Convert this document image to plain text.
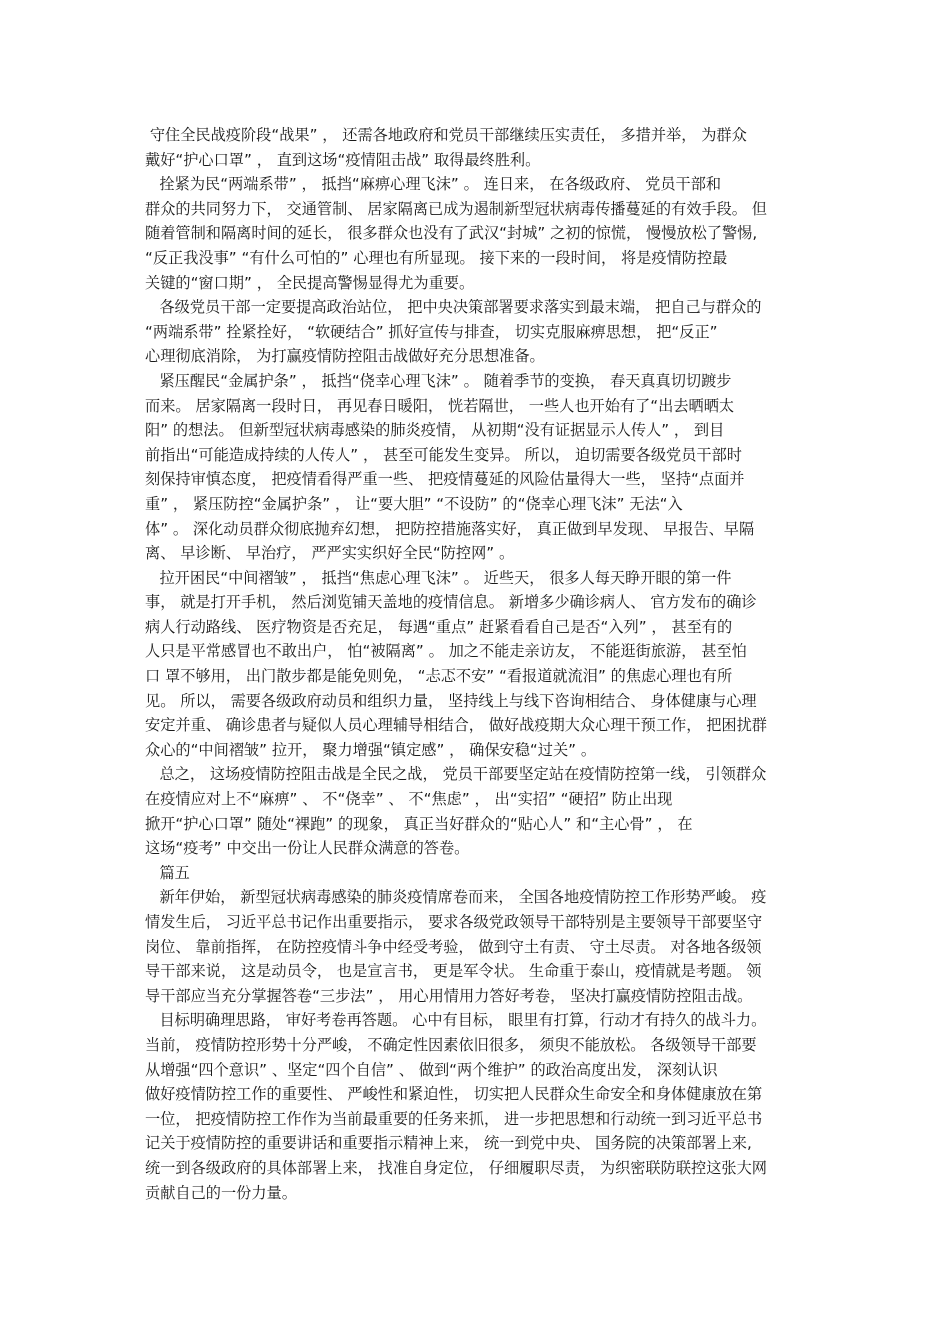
守住全民战疫阶段“战果” ， 还需各地政府和党员干部继续压实责任， 多措并举， 为群众
戴好“护心口罩” ， 直到这场“疫情阻击战” 取得最终胜利。
拴紧为民“两端系带” ， 抵挡“麻痹心理飞沫” 。 连日来， 在各级政府、 党员干部和
群众的共同努力下， 交通管制、 居家隔离已成为遏制新型冠状病毒传播蔓延的有效手段。 但
随着管制和隔离时间的延长， 很多群众也没有了武汉“封城” 之初的惊慌， 慢慢放松了警惕,
“反正我没事” “有什么可怕的” 心理也有所显现。 接下来的一段时间， 将是疫情防控最
关键的“窗口期” ， 全民提高警惕显得尤为重要。
各级党员干部一定要提高政治站位， 把中央决策部署要求落实到最末端， 把自己与群众的
“两端系带” 拴紧拴好， “软硬结合” 抓好宣传与排查， 切实克服麻痹思想， 把“反正”
心理彻底消除， 为打赢疫情防控阻击战做好充分思想准备。
紧压醒民“金属护条” ， 抵挡“侥幸心理飞沫” 。 随着季节的变换， 春天真真切切踱步
而来。 居家隔离一段时日， 再见春日暖阳， 恍若隔世， 一些人也开始有了“出去晒晒太
阳” 的想法。 但新型冠状病毒感染的肺炎疫情， 从初期“没有证据显示人传人” ， 到目
前指出“可能造成持续的人传人” ， 甚至可能发生变异。 所以， 迫切需要各级党员干部时
刻保持审慎态度， 把疫情看得严重一些、 把疫情蔓延的风险估量得大一些， 坚持“点面并
重” ， 紧压防控“金属护条” ， 让“要大胆” “不设防” 的“侥幸心理飞沫” 无法“入
体” 。 深化动员群众彻底抛弃幻想， 把防控措施落实好， 真正做到早发现、 早报告、早隔
离、 早诊断、 早治疗， 严严实实织好全民“防控网” 。
拉开困民“中间褶皱” ， 抵挡“焦虑心理飞沫” 。 近些天， 很多人每天睁开眼的第一件
事， 就是打开手机， 然后浏览铺天盖地的疫情信息。 新增多少确诊病人、 官方发布的确诊
病人行动路线、 医疗物资是否充足， 每遇“重点” 赶紧看看自己是否“入列” ， 甚至有的
人只是平常感冒也不敢出户， 怕“被隔离” 。 加之不能走亲访友， 不能逛街旅游， 甚至怕
口 罩不够用， 出门散步都是能免则免， “忐忑不安” “看报道就流泪” 的焦虑心理也有所
见。 所以， 需要各级政府动员和组织力量， 坚持线上与线下咨询相结合、 身体健康与心理
安定并重、 确诊患者与疑似人员心理辅导相结合， 做好战疫期大众心理干预工作， 把困扰群
众心的“中间褶皱” 拉开， 聚力增强“镇定感” ， 确保安稳“过关” 。
总之， 这场疫情防控阻击战是全民之战， 党员干部要坚定站在疫情防控第一线， 引领群众
在疫情应对上不“麻痹” 、 不“侥幸” 、 不“焦虑” ， 出“实招” “硬招” 防止出现
掀开“护心口罩” 随处“裸跑” 的现象， 真正当好群众的“贴心人” 和“主心骨” ， 在
这场“疫考” 中交出一份让人民群众满意的答卷。
篇五
新年伊始， 新型冠状病毒感染的肺炎疫情席卷而来， 全国各地疫情防控工作形势严峻。 疫
情发生后， 习近平总书记作出重要指示， 要求各级党政领导干部特别是主要领导干部要坚守
岗位、 靠前指挥， 在防控疫情斗争中经受考验， 做到守土有责、 守土尽责。 对各地各级领
导干部来说， 这是动员令， 也是宣言书， 更是军令状。 生命重于泰山，疫情就是考题。 领
导干部应当充分掌握答卷“三步法” ， 用心用情用力答好考卷， 坚决打赢疫情防控阻击战。
目标明确理思路， 审好考卷再答题。 心中有目标， 眼里有打算，行动才有持久的战斗力。
当前， 疫情防控形势十分严峻， 不确定性因素依旧很多， 须臾不能放松。 各级领导干部要
从增强“四个意识” 、坚定“四个自信” 、 做到“两个维护” 的政治高度出发， 深刻认识
做好疫情防控工作的重要性、 严峻性和紧迫性， 切实把人民群众生命安全和身体健康放在第
一位， 把疫情防控工作作为当前最重要的任务来抓， 进一步把思想和行动统一到习近平总书
记关于疫情防控的重要讲话和重要指示精神上来， 统一到党中央、 国务院的决策部署上来,
统一到各级政府的具体部署上来， 找准自身定位， 仔细履职尽责， 为织密联防联控这张大网
贡献自己的一份力量。
